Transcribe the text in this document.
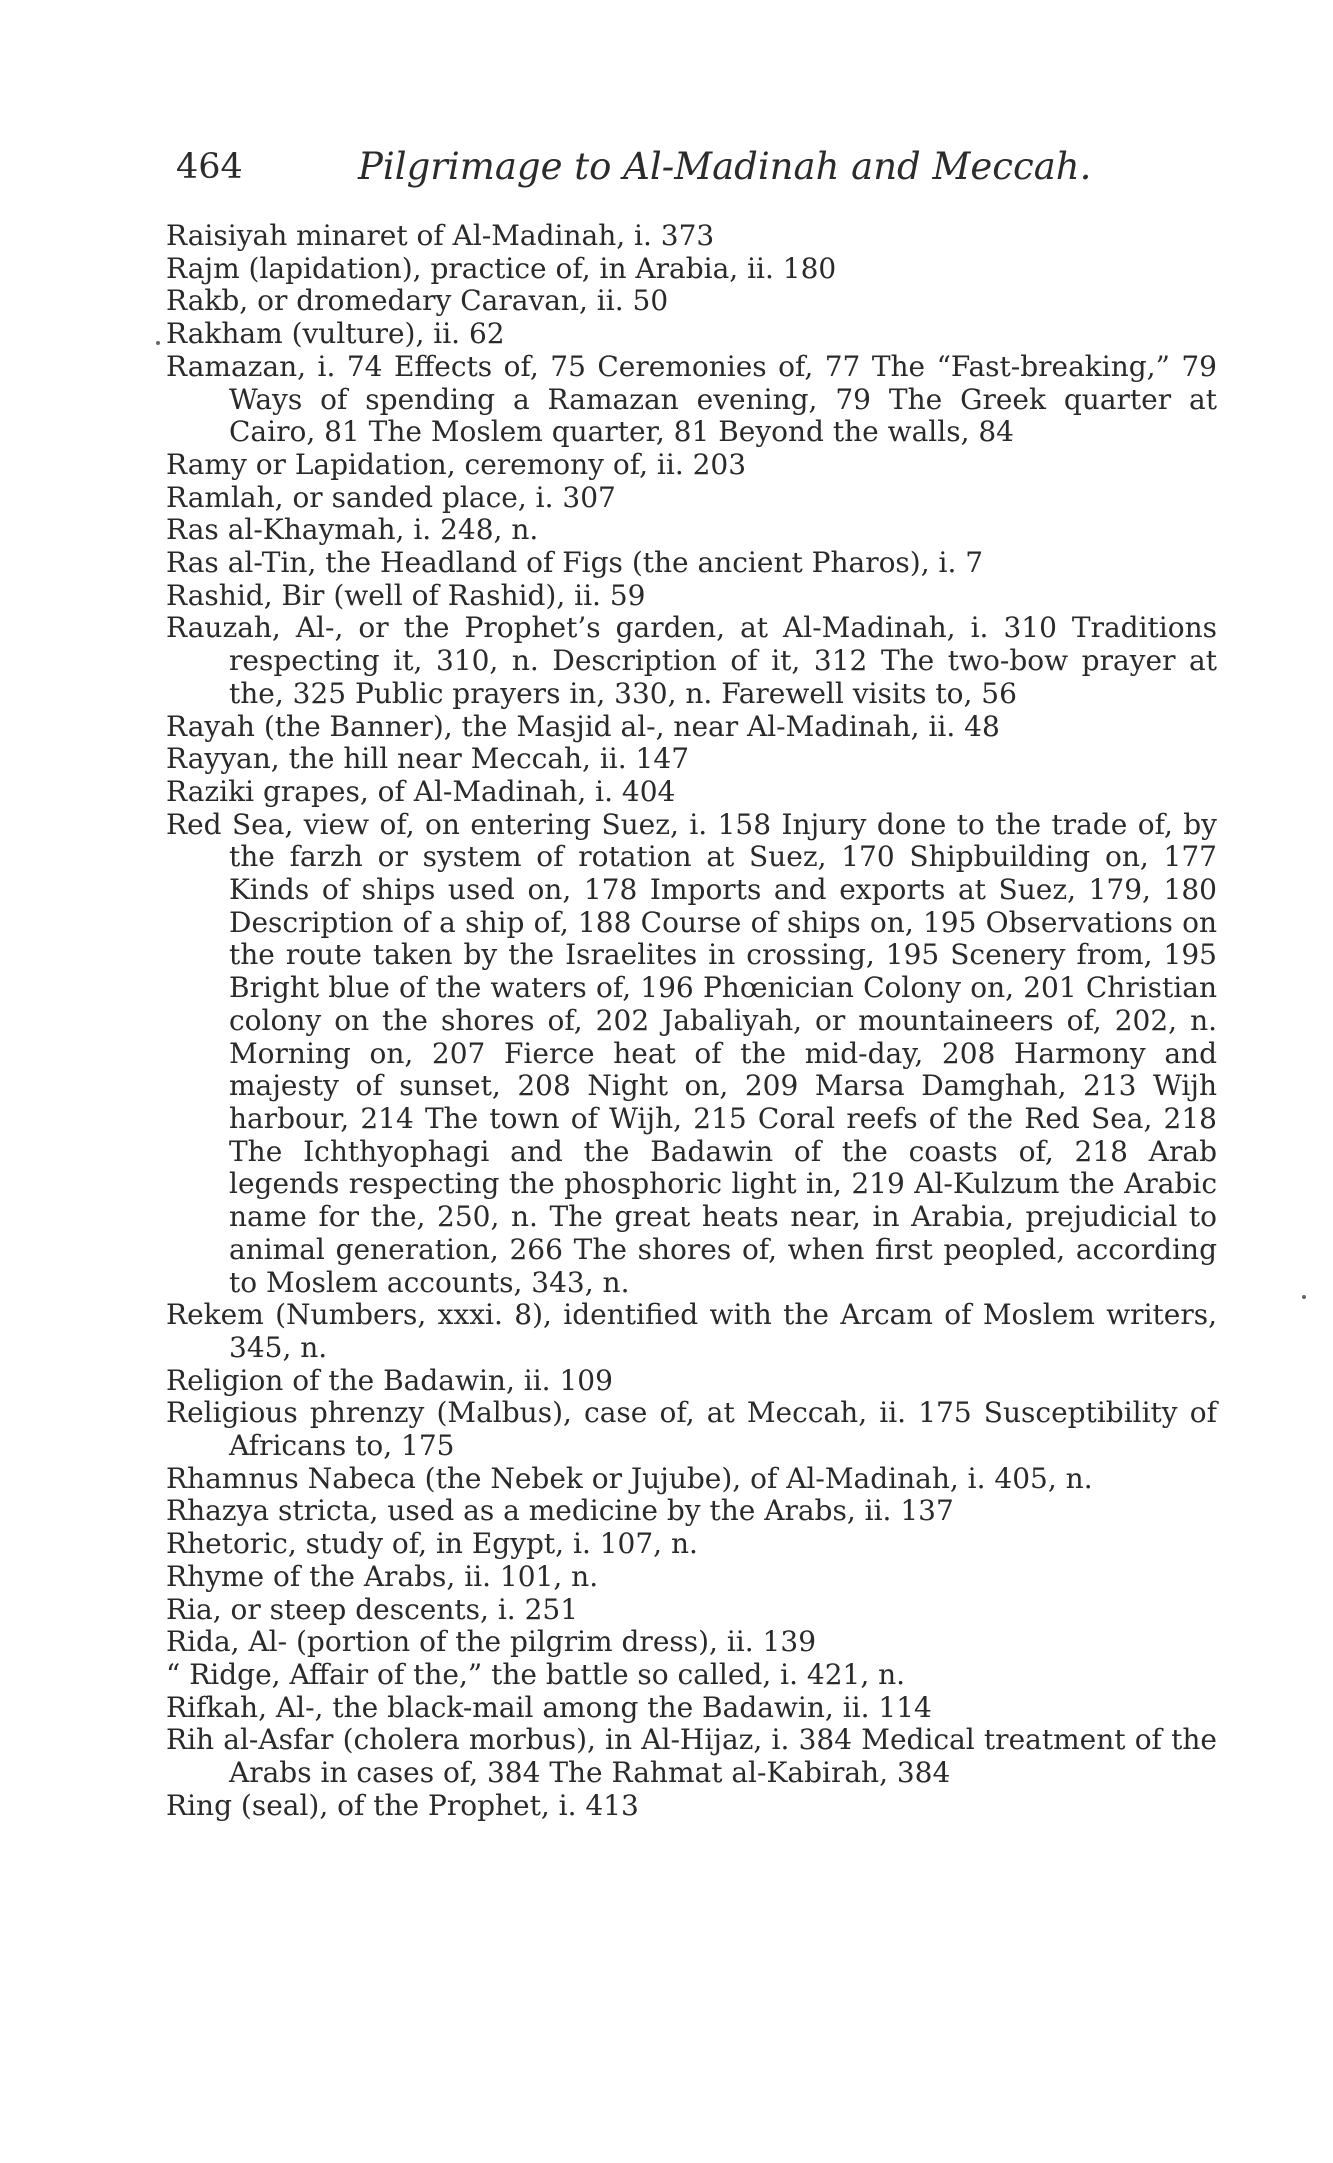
464	Pilgrimage to Al-Madinah and Meccah.

Raisiyah minaret of Al-Madinah, i. 373

Rajm (lapidation), practice of, in Arabia, ii. 180

Rakb, or dromedary Caravan, ii. 50

Rakham (vulture), ii. 62

Ramazan, i. 74 Effects of, 75 Ceremonies of, 77 The “Fast-breaking,” 79 Ways of spending a Ramazan evening, 79 The Greek quarter at Cairo, 81 The Moslem quarter, 81 Beyond the walls, 84

Ramy or Lapidation, ceremony of, ii. 203

Ramlah, or sanded place, i. 307

Ras al-Khaymah, i. 248, n.

Ras al-Tin, the Headland of Figs (the ancient Pharos), i. 7

Rashid, Bir (well of Rashid), ii. 59

Rauzah, Al-, or the Prophet’s garden, at Al-Madinah, i. 310 Traditions respecting it, 310, n. Description of it, 312 The two-bow prayer at the, 325 Public prayers in, 330, n. Farewell visits to, 56

Rayah (the Banner), the Masjid al-, near Al-Madinah, ii. 48

Rayyan, the hill near Meccah, ii. 147

Raziki grapes, of Al-Madinah, i. 404

Red Sea, view of, on entering Suez, i. 158 Injury done to the trade of, by the farzh or system of rotation at Suez, 170 Shipbuilding on, 177 Kinds of ships used on, 178 Imports and exports at Suez, 179, 180 Description of a ship of, 188 Course of ships on, 195 Observations on the route taken by the Israelites in crossing, 195 Scenery from, 195 Bright blue of the waters of, 196 Phœnician Colony on, 201 Christian colony on the shores of, 202 Jabaliyah, or mountaineers of, 202, n. Morning on, 207 Fierce heat of the mid-day, 208 Harmony and majesty of sunset, 208 Night on, 209 Marsa Damghah, 213 Wijh harbour, 214 The town of Wijh, 215 Coral reefs of the Red Sea, 218 The Ichthyophagi and the Badawin of the coasts of, 218 Arab legends respecting the phosphoric light in, 219 Al-Kulzum the Arabic name for the, 250, n. The great heats near, in Arabia, prejudicial to animal generation, 266 The shores of, when first peopled, according to Moslem accounts, 343, n.

Rekem (Numbers, xxxi. 8), identified with the Arcam of Moslem writers, 345, n.

Religion of the Badawin, ii. 109

Religious phrenzy (Malbus), case of, at Meccah, ii. 175 Susceptibility of Africans to, 175

Rhamnus Nabeca (the Nebek or Jujube), of Al-Madinah, i. 405, n.

Rhazya stricta, used as a medicine by the Arabs, ii. 137

Rhetoric, study of, in Egypt, i. 107, n.

Rhyme of the Arabs, ii. 101, n.

Ria, or steep descents, i. 251

Rida, Al- (portion of the pilgrim dress), ii. 139

“ Ridge, Affair of the,” the battle so called, i. 421, n.

Rifkah, Al-, the black-mail among the Badawin, ii. 114

Rih al-Asfar (cholera morbus), in Al-Hijaz, i. 384 Medical treatment of the Arabs in cases of, 384 The Rahmat al-Kabirah, 384

Ring (seal), of the Prophet, i. 413
